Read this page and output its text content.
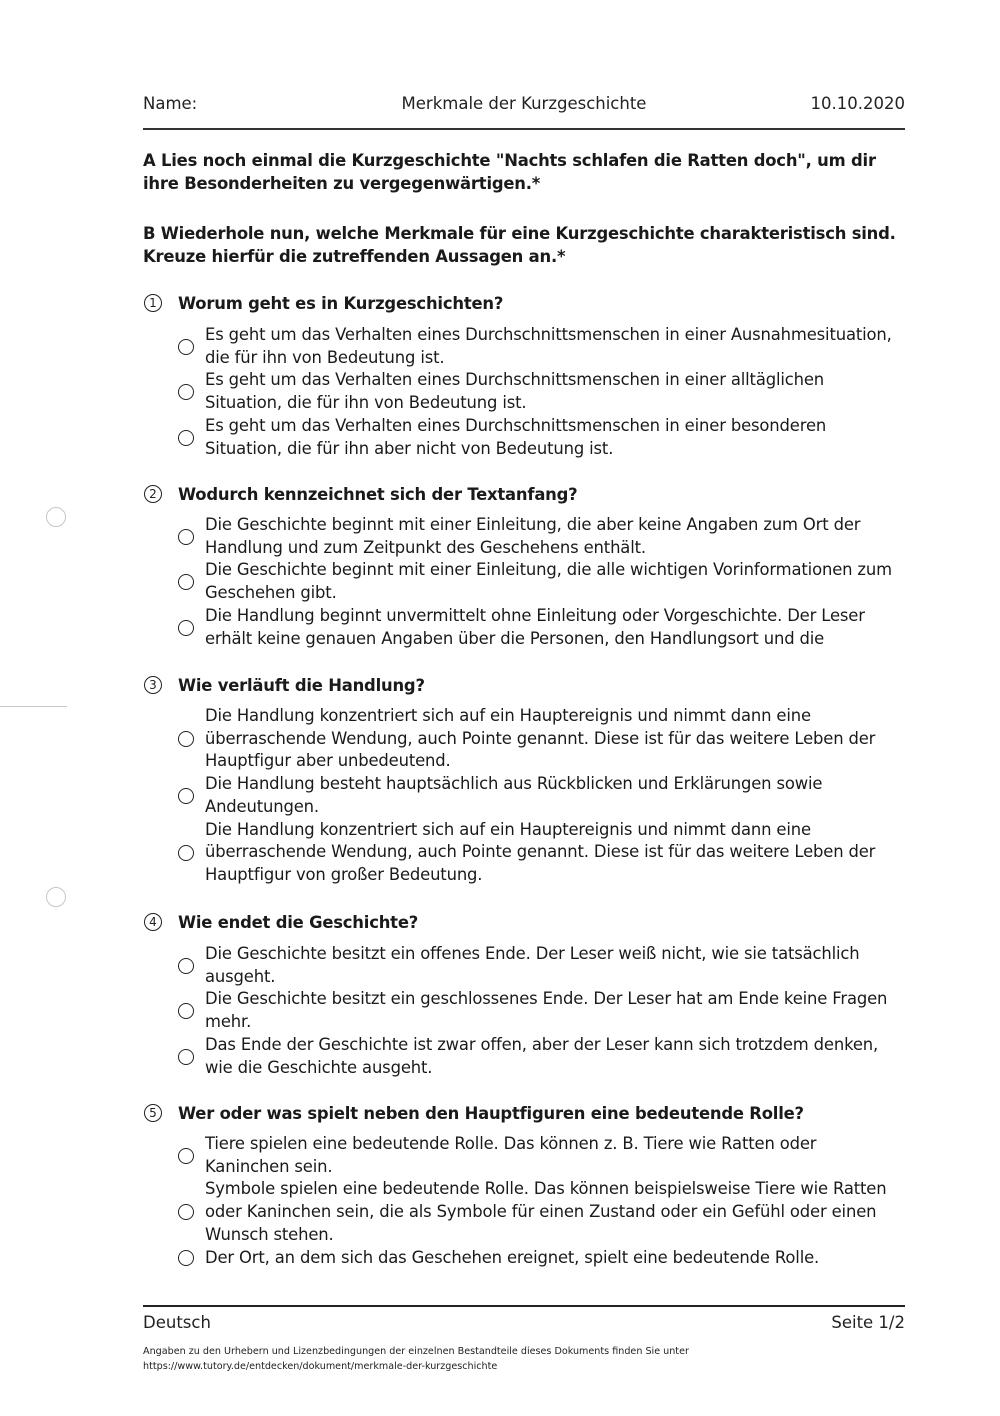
Name:	Merkmale der Kurzgeschichte	10.10.2020
A Lies noch einmal die Kurzgeschichte "Nachts schlafen die Ratten doch", um dir ihre Besonderheiten zu vergegenwärtigen.*
B Wiederhole nun, welche Merkmale für eine Kurzgeschichte charakteristisch sind. Kreuze hierfür die zutreffenden Aussagen an.*
1	Worum geht es in Kurzgeschichten?
Es geht um das Verhalten eines Durchschnittsmenschen in einer Ausnahmesituation, die für ihn von Bedeutung ist.
Es geht um das Verhalten eines Durchschnittsmenschen in einer alltäglichen Situation, die für ihn von Bedeutung ist.
Es geht um das Verhalten eines Durchschnittsmenschen in einer besonderen Situation, die für ihn aber nicht von Bedeutung ist.
2	Wodurch kennzeichnet sich der Textanfang?
Die Geschichte beginnt mit einer Einleitung, die aber keine Angaben zum Ort der Handlung und zum Zeitpunkt des Geschehens enthält.
Die Geschichte beginnt mit einer Einleitung, die alle wichtigen Vorinformationen zum Geschehen gibt.
Die Handlung beginnt unvermittelt ohne Einleitung oder Vorgeschichte. Der Leser erhält keine genauen Angaben über die Personen, den Handlungsort und die
3	Wie verläuft die Handlung?
Die Handlung konzentriert sich auf ein Hauptereignis und nimmt dann eine überraschende Wendung, auch Pointe genannt. Diese ist für das weitere Leben der Hauptfigur aber unbedeutend.
Die Handlung besteht hauptsächlich aus Rückblicken und Erklärungen sowie Andeutungen.
Die Handlung konzentriert sich auf ein Hauptereignis und nimmt dann eine überraschende Wendung, auch Pointe genannt. Diese ist für das weitere Leben der Hauptfigur von großer Bedeutung.
4	Wie endet die Geschichte?
Die Geschichte besitzt ein offenes Ende. Der Leser weiß nicht, wie sie tatsächlich ausgeht.
Die Geschichte besitzt ein geschlossenes Ende. Der Leser hat am Ende keine Fragen mehr.
Das Ende der Geschichte ist zwar offen, aber der Leser kann sich trotzdem denken, wie die Geschichte ausgeht.
5	Wer oder was spielt neben den Hauptfiguren eine bedeutende Rolle?
Tiere spielen eine bedeutende Rolle. Das können z. B. Tiere wie Ratten oder Kaninchen sein.
Symbole spielen eine bedeutende Rolle. Das können beispielsweise Tiere wie Ratten oder Kaninchen sein, die als Symbole für einen Zustand oder ein Gefühl oder einen Wunsch stehen.
Der Ort, an dem sich das Geschehen ereignet, spielt eine bedeutende Rolle.
Deutsch	Seite 1/2
Angaben zu den Urhebern und Lizenzbedingungen der einzelnen Bestandteile dieses Dokuments finden Sie unter
https://www.tutory.de/entdecken/dokument/merkmale-der-kurzgeschichte
